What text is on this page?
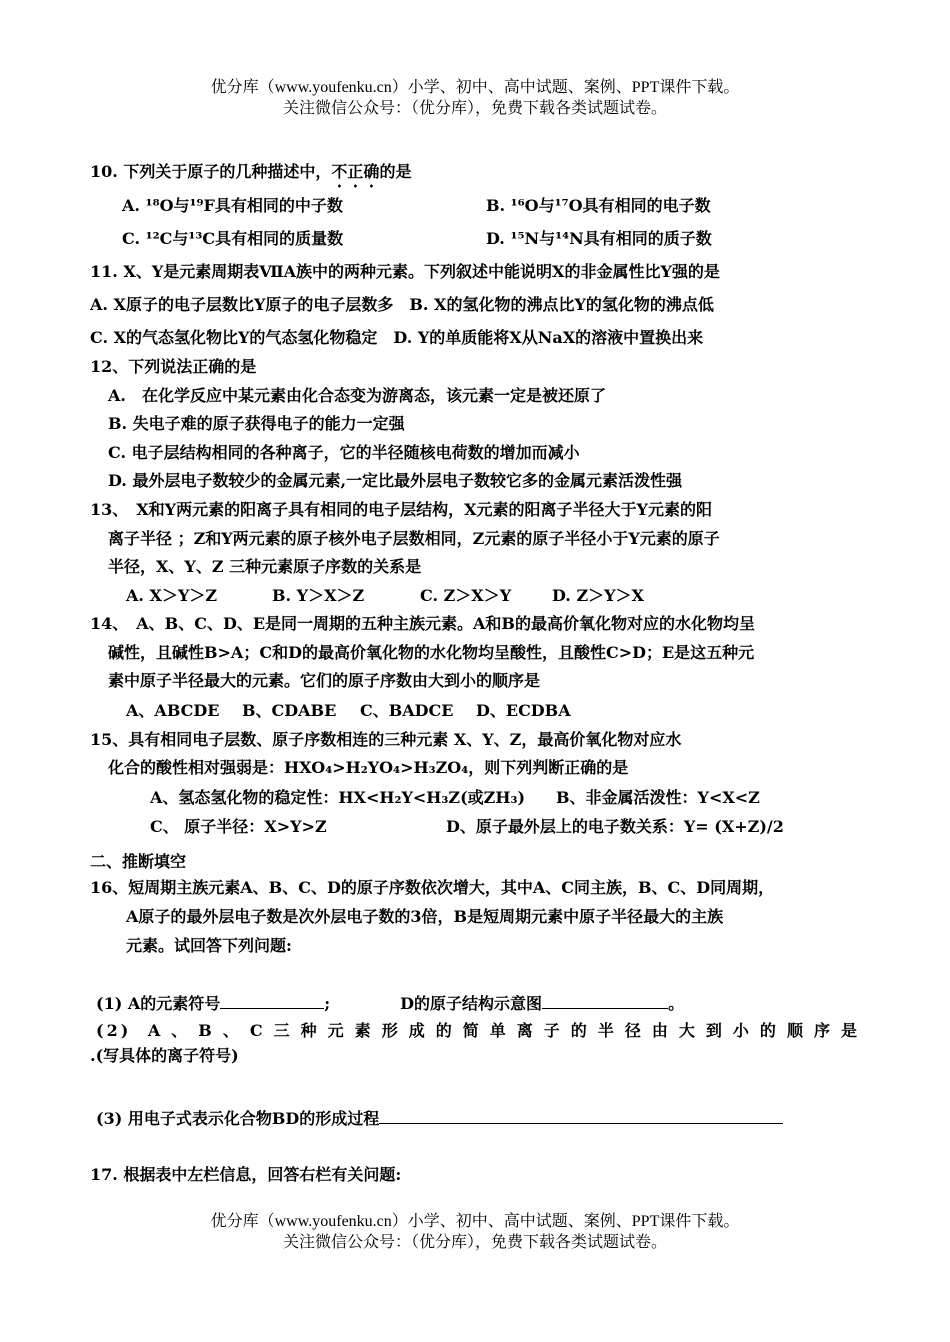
优分库（www.youfenku.cn）小学、初中、高中试题、案例、PPT课件下载。
关注微信公众号：（优分库），免费下载各类试题试卷。
10. 下列关于原子的几种描述中，不正确的是
A. ¹⁸O与¹⁹F具有相同的中子数	B. ¹⁶O与¹⁷O具有相同的电子数
C. ¹²C与¹³C具有相同的质量数	D. ¹⁵N与¹⁴N具有相同的质子数
11. X、Y是元素周期表ⅦA族中的两种元素。下列叙述中能说明X的非金属性比Y强的是
A. X原子的电子层数比Y原子的电子层数多　B. X的氢化物的沸点比Y的氢化物的沸点低
C. X的气态氢化物比Y的气态氢化物稳定　D. Y的单质能将X从NaX的溶液中置换出来
12、下列说法正确的是
A.　在化学反应中某元素由化合态变为游离态，该元素一定是被还原了
B. 失电子难的原子获得电子的能力一定强
C. 电子层结构相同的各种离子，它的半径随核电荷数的增加而减小
D. 最外层电子数较少的金属元素,一定比最外层电子数较它多的金属元素活泼性强
13、　X和Y两元素的阳离子具有相同的电子层结构，X元素的阳离子半径大于Y元素的阳
离子半径 ；Z和Y两元素的原子核外电子层数相同，Z元素的原子半径小于Y元素的原子
半径，X、Y、Z 三种元素原子序数的关系是
A. X＞Y＞Z	B. Y＞X＞Z	C. Z＞X＞Y	D. Z＞Y＞X
14、　A、B、C、D、E是同一周期的五种主族元素。A和B的最高价氧化物对应的水化物均呈
碱性，且碱性B>A；C和D的最高价氧化物的水化物均呈酸性，且酸性C>D；E是这五种元
素中原子半径最大的元素。它们的原子序数由大到小的顺序是
A、ABCDE B、CDABE C、BADCE D、ECDBA
15、具有相同电子层数、原子序数相连的三种元素 X、Y、Z，最高价氧化物对应水
化合的酸性相对强弱是：HXO₄>H₂YO₄>H₃ZO₄，则下列判断正确的是
A、氢态氢化物的稳定性：HX<H₂Y<H₃Z(或ZH₃) B、非金属活泼性：Y<X<Z
C、 原子半径：X>Y>Z	D、原子最外层上的电子数关系：Y= (X+Z)/2
二、推断填空
16、短周期主族元素A、B、C、D的原子序数依次增大，其中A、C同主族，B、C、D同周期，
A原子的最外层电子数是次外层电子数的3倍，B是短周期元素中原子半径最大的主族
元素。试回答下列问题:
(1) A的元素符号	;	D的原子结构示意图	。
(2) A、B、C三种元素形成的简单离子的半径由大到小的顺序是
.(写具体的离子符号)
(3) 用电子式表示化合物BD的形成过程
17. 根据表中左栏信息，回答右栏有关问题:
优分库（www.youfenku.cn）小学、初中、高中试题、案例、PPT课件下载。
关注微信公众号：（优分库），免费下载各类试题试卷。
